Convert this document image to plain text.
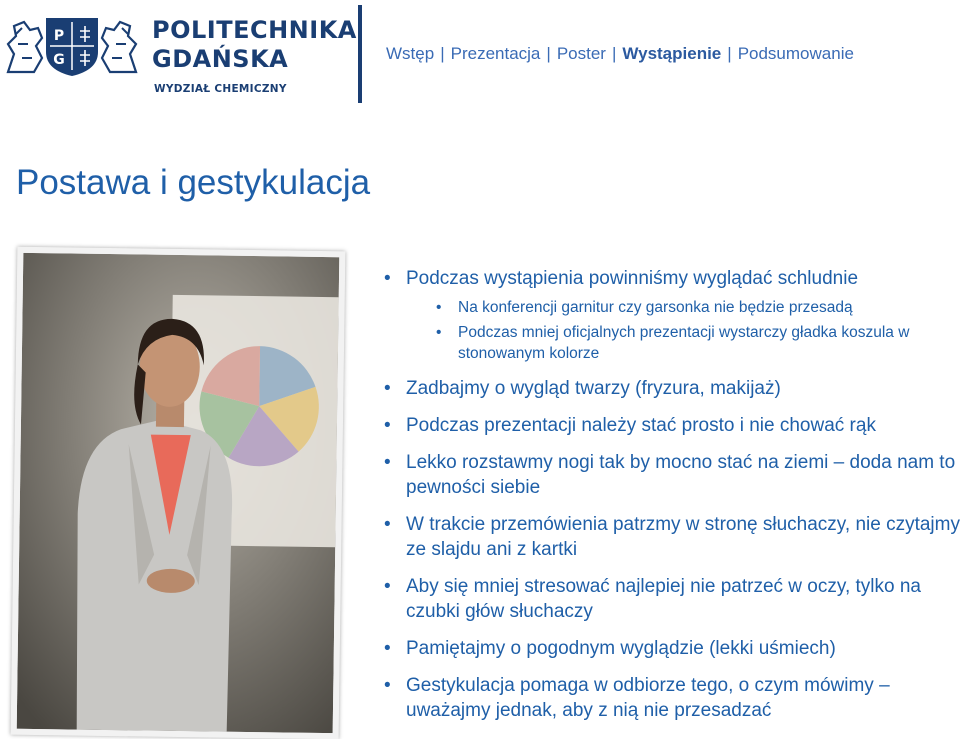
P
G
POLITECHNIKA
GDAŃSKA
WYDZIAŁ CHEMICZNY
Wstęp | Prezentacja | Poster | Wystąpienie | Podsumowanie
Postawa i gestykulacja
• Podczas wystąpienia powinniśmy wyglądać schludnie
• Na konferencji garnitur czy garsonka nie będzie przesadą
• Podczas mniej oficjalnych prezentacji wystarczy gładka koszula w stonowanym kolorze
• Zadbajmy o wygląd twarzy (fryzura, makijaż)
• Podczas prezentacji należy stać prosto i nie chować rąk
• Lekko rozstawmy nogi tak by mocno stać na ziemi – doda nam to pewności siebie
• W trakcie przemówienia patrzmy w stronę słuchaczy, nie czytajmy ze slajdu ani z kartki
• Aby się mniej stresować najlepiej nie patrzeć w oczy, tylko na czubki głów słuchaczy
• Pamiętajmy o pogodnym wyglądzie (lekki uśmiech)
• Gestykulacja pomaga w odbiorze tego, o czym mówimy – uważajmy jednak, aby z nią nie przesadzać
